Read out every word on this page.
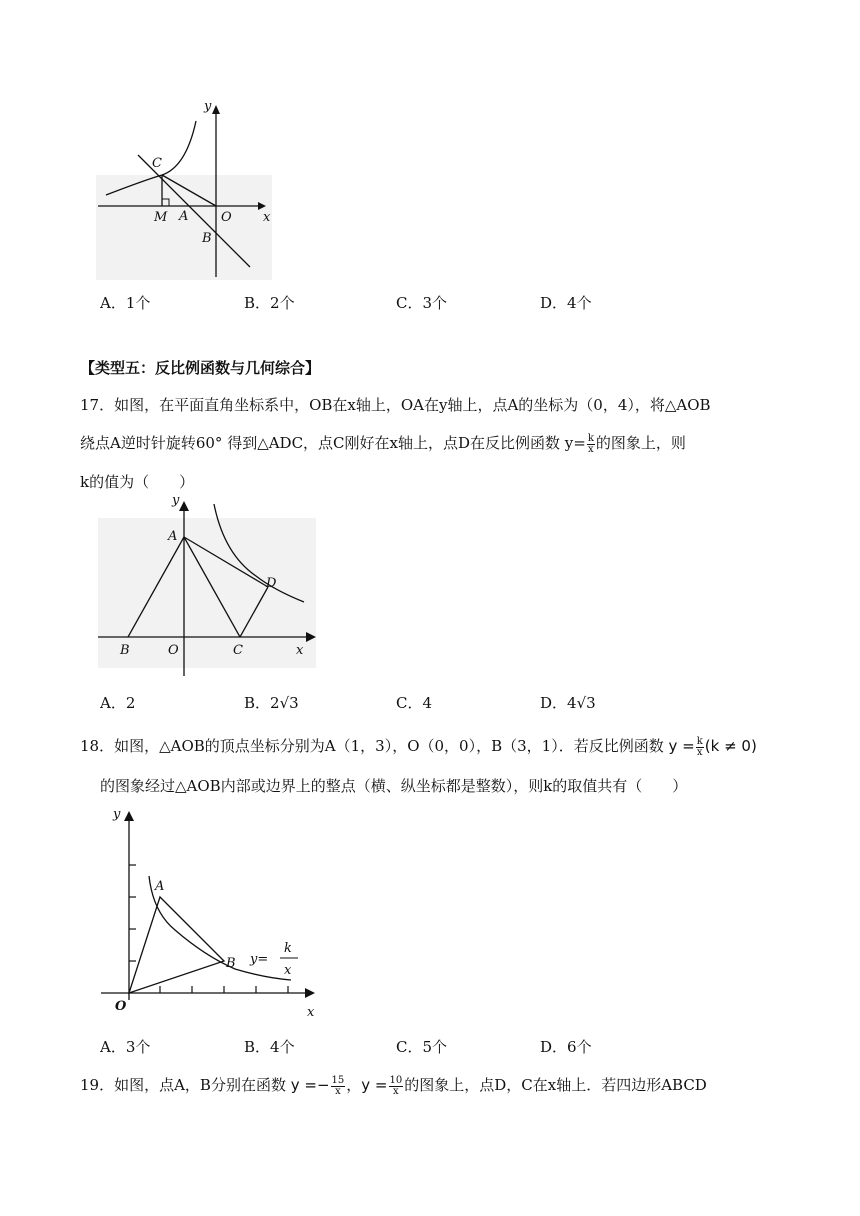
y
x
C
M A	O
B
A．1个	B．2个	C．3个	D．4个
【类型五：反比例函数与几何综合】
17．如图，在平面直角坐标系中，OB在x轴上，OA在y轴上，点A的坐标为（0，4），将△AOB
绕点A逆时针旋转60° 得到△ADC，点C刚好在x轴上，点D在反比例函数 $y= \frac{k}{x}$ 的图象上，则
k的值为（　　）
A
y
x
B	O	C
D
A．2	B．2√3	C．4	D．4√3
18．如图，△AOB的顶点坐标分别为A（1，3），O（0，0），B（3，1）．若反比例函数 $y = \frac{k}{x} (k \ne 0)$
的图象经过△AOB内部或边界上的整点（横、纵坐标都是整数），则k的取值共有（　　）
A
B
O
y
x
y=
k
x
A．3个	B．4个	C．5个	D．6个
19．如图，点A，B分别在函数 $y =- \frac{15}{x}$ ，$y = \frac{10}{x}$ 的图象上，点D，C在x轴上．若四边形ABCD
